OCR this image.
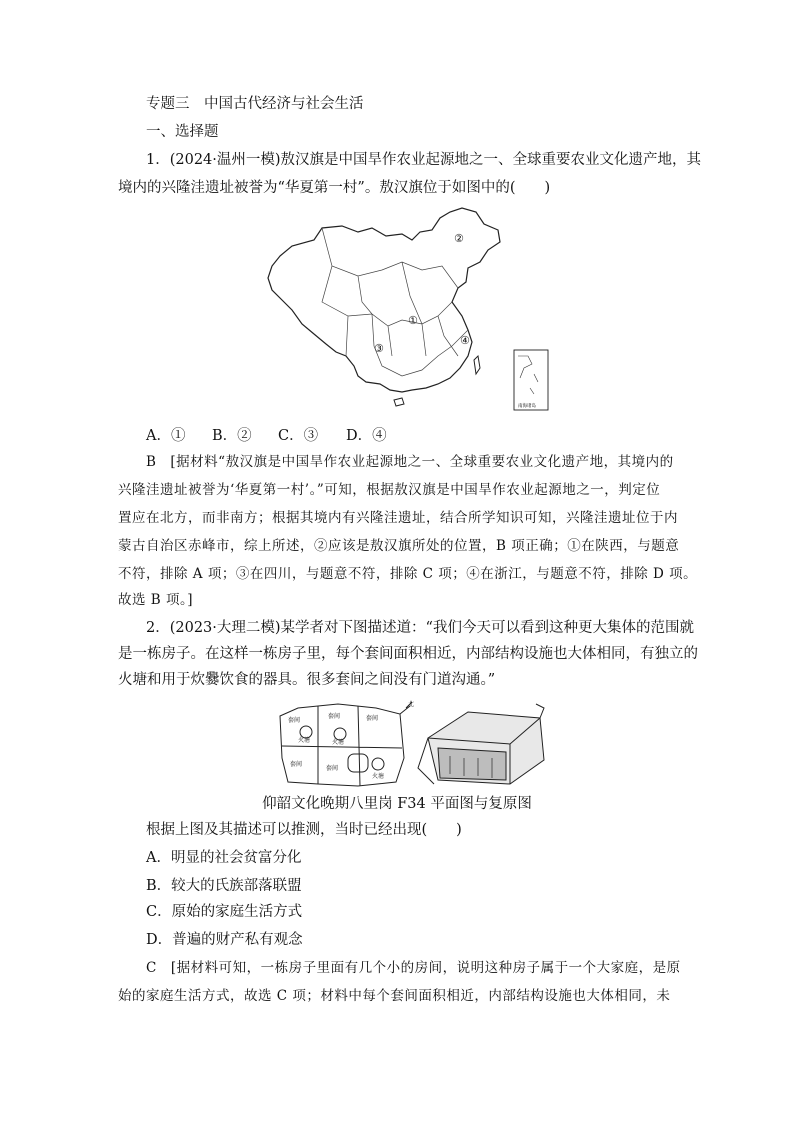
专题三　中国古代经济与社会生活
一、选择题
1．(2024·温州一模)敖汉旗是中国旱作农业起源地之一、全球重要农业文化遗产地，其
境内的兴隆洼遗址被誉为“华夏第一村”。敖汉旗位于如图中的(　　)
①
②
③
④
南海诸岛
A．① B．② C．③ D．④
B　[据材料“敖汉旗是中国旱作农业起源地之一、全球重要农业文化遗产地，其境内的
兴隆洼遗址被誉为‘华夏第一村’。”可知，根据敖汉旗是中国旱作农业起源地之一，判定位
置应在北方，而非南方；根据其境内有兴隆洼遗址，结合所学知识可知，兴隆洼遗址位于内
蒙古自治区赤峰市，综上所述，②应该是敖汉旗所处的位置，B 项正确；①在陕西，与题意
不符，排除 A 项；③在四川，与题意不符，排除 C 项；④在浙江，与题意不符，排除 D 项。
故选 B 项。]
2．(2023·大理二模)某学者对下图描述道：“我们今天可以看到这种更大集体的范围就
是一栋房子。在这样一栋房子里，每个套间面积相近，内部结构设施也大体相同，有独立的
火塘和用于炊爨饮食的器具。很多套间之间没有门道沟通。”
套间
套间
火塘
套间
火塘
套间
套间
火塘
北
仰韶文化晚期八里岗 F34 平面图与复原图
根据上图及其描述可以推测，当时已经出现(　　)
A．明显的社会贫富分化
B．较大的氏族部落联盟
C．原始的家庭生活方式
D．普遍的财产私有观念
C　[据材料可知，一栋房子里面有几个小的房间，说明这种房子属于一个大家庭，是原
始的家庭生活方式，故选 C 项；材料中每个套间面积相近，内部结构设施也大体相同，未
